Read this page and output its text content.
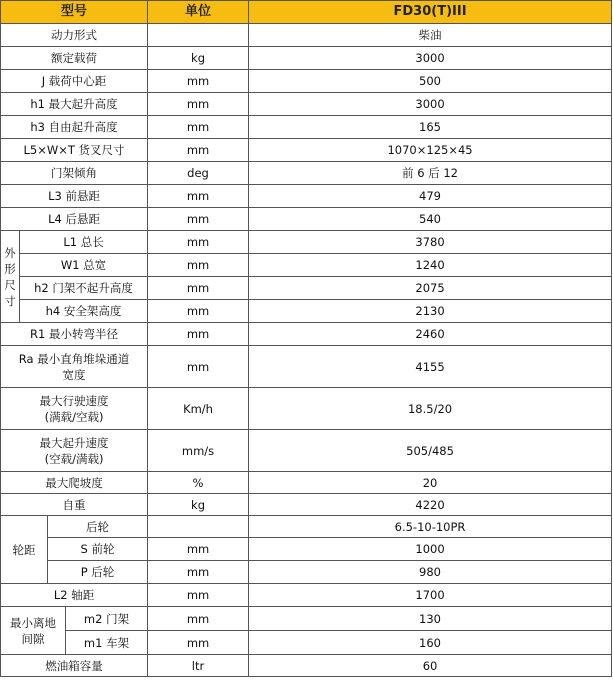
型号				单位	FD30(T)III
动力形式					柴油
额定载荷				kg	3000
J 载荷中心距				mm	500
h1 最大起升高度				mm	3000
h3 自由起升高度				mm	165
L5×W×T 货叉尺寸				mm	1070×125×45
门架倾角				deg	前 6 后 12
L3 前悬距				mm	479
L4 后悬距				mm	540

外
形
尺
寸	L1 总长			mm	3780
	W1 总宽			mm	1240
	h2 门架不起升高度			mm	2075
	h4 安全架高度			mm	2130
R1 最小转弯半径				mm	2460

Ra 最小直角堆垛通道
宽度				mm	4155

最大行驶速度
(满载/空载)				Km/h	18.5/20

最大起升速度
(空载/满载)				mm/s	505/485
最大爬坡度				%	20
自重				kg	4220
轮距		后轮			6.5-10-10PR
		S 前轮		mm	1000
		P 后轮		mm	980
L2 轴距				mm	1700

最小离地
间隙			m2 门架	mm	130
			m1 车架	mm	160
燃油箱容量				ltr	60
